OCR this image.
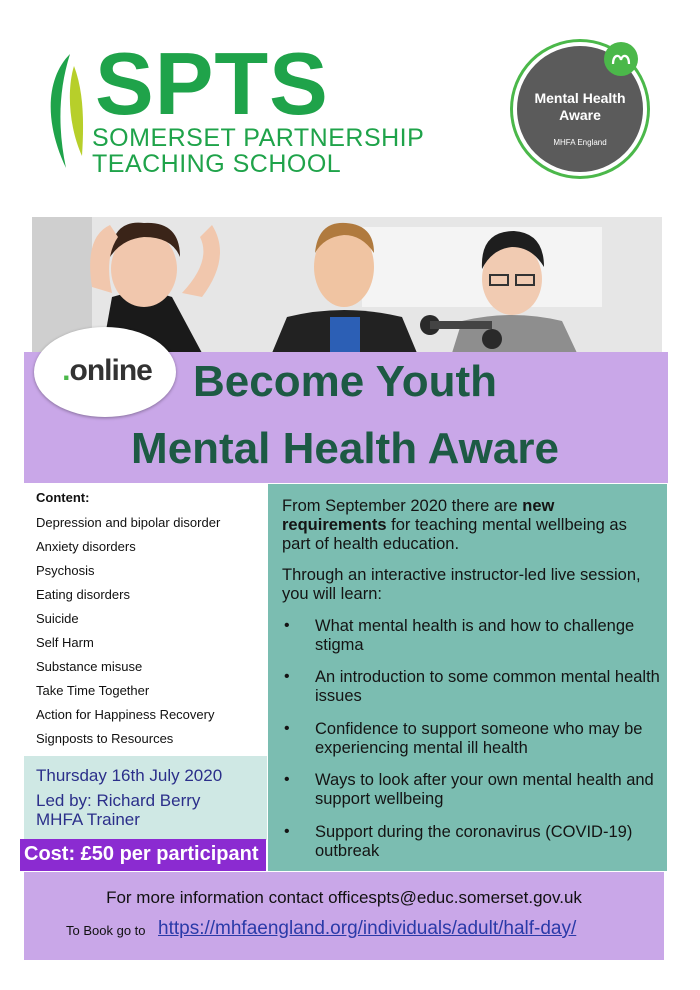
SPTS
SOMERSET PARTNERSHIP
TEACHING SCHOOL
Mental Health
Aware
MHFA England
.online Become Youth
Mental Health Aware
Content:
Depression and bipolar disorder
Anxiety disorders
Psychosis
Eating disorders
Suicide
Self Harm
Substance misuse
Take Time Together
Action for Happiness Recovery
Signposts to Resources
Thursday 16th July 2020
Led by: Richard Berry
MHFA Trainer
Cost: £50 per participant
From September 2020 there are new requirements for teaching mental wellbeing as part of health education.
Through an interactive instructor-led live session, you will learn:
• What mental health is and how to challenge stigma
• An introduction to some common mental health issues
• Confidence to support someone who may be experiencing mental ill health
• Ways to look after your own mental health and support wellbeing
• Support during the coronavirus (COVID-19) outbreak
For more information contact officespts@educ.somerset.gov.uk
To Book go to https://mhfaengland.org/individuals/adult/half-day/
